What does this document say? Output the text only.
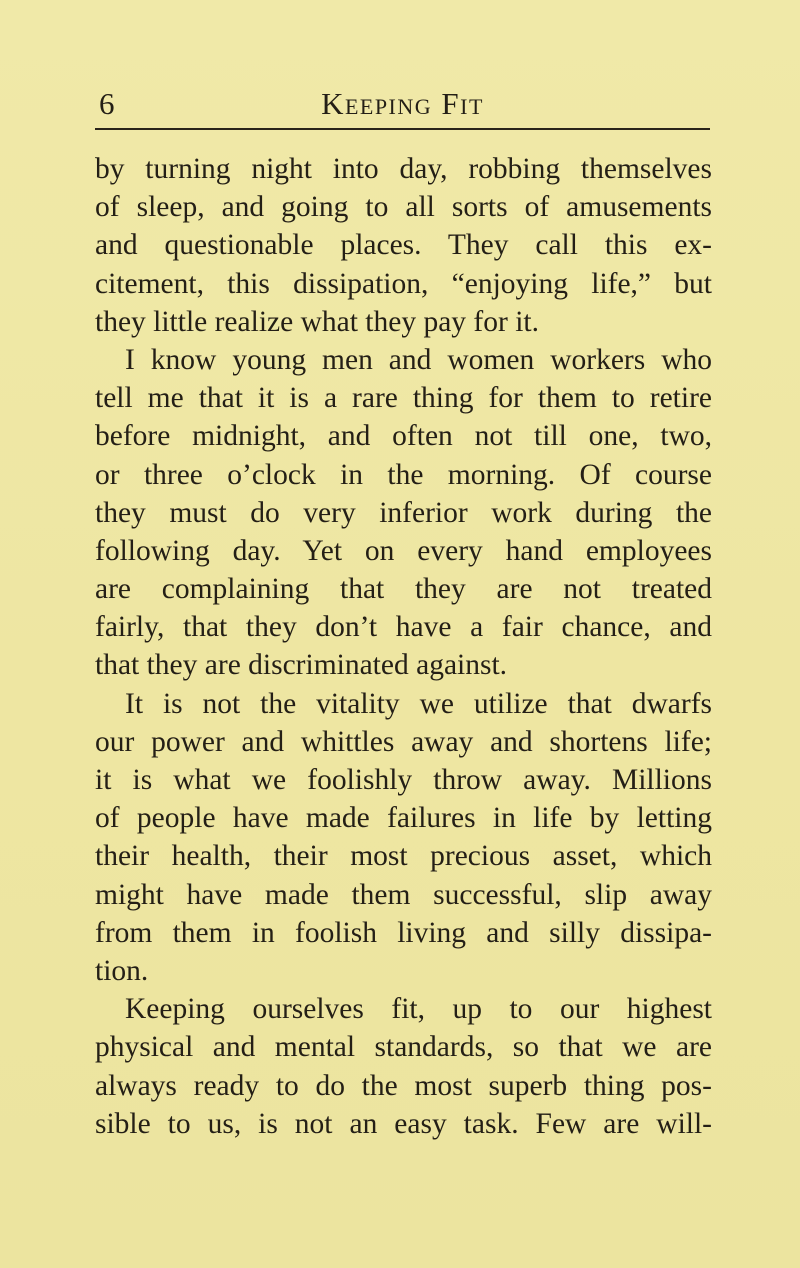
6	Keeping Fit
by turning night into day, robbing themselves
of sleep, and going to all sorts of amusements
and questionable places. They call this ex-
citement, this dissipation, “enjoying life,” but
they little realize what they pay for it.
I know young men and women workers who
tell me that it is a rare thing for them to retire
before midnight, and often not till one, two,
or three o’clock in the morning. Of course
they must do very inferior work during the
following day. Yet on every hand employees
are complaining that they are not treated
fairly, that they don’t have a fair chance, and
that they are discriminated against.
It is not the vitality we utilize that dwarfs
our power and whittles away and shortens life;
it is what we foolishly throw away. Millions
of people have made failures in life by letting
their health, their most precious asset, which
might have made them successful, slip away
from them in foolish living and silly dissipa-
tion.
Keeping ourselves fit, up to our highest
physical and mental standards, so that we are
always ready to do the most superb thing pos-
sible to us, is not an easy task. Few are will-
